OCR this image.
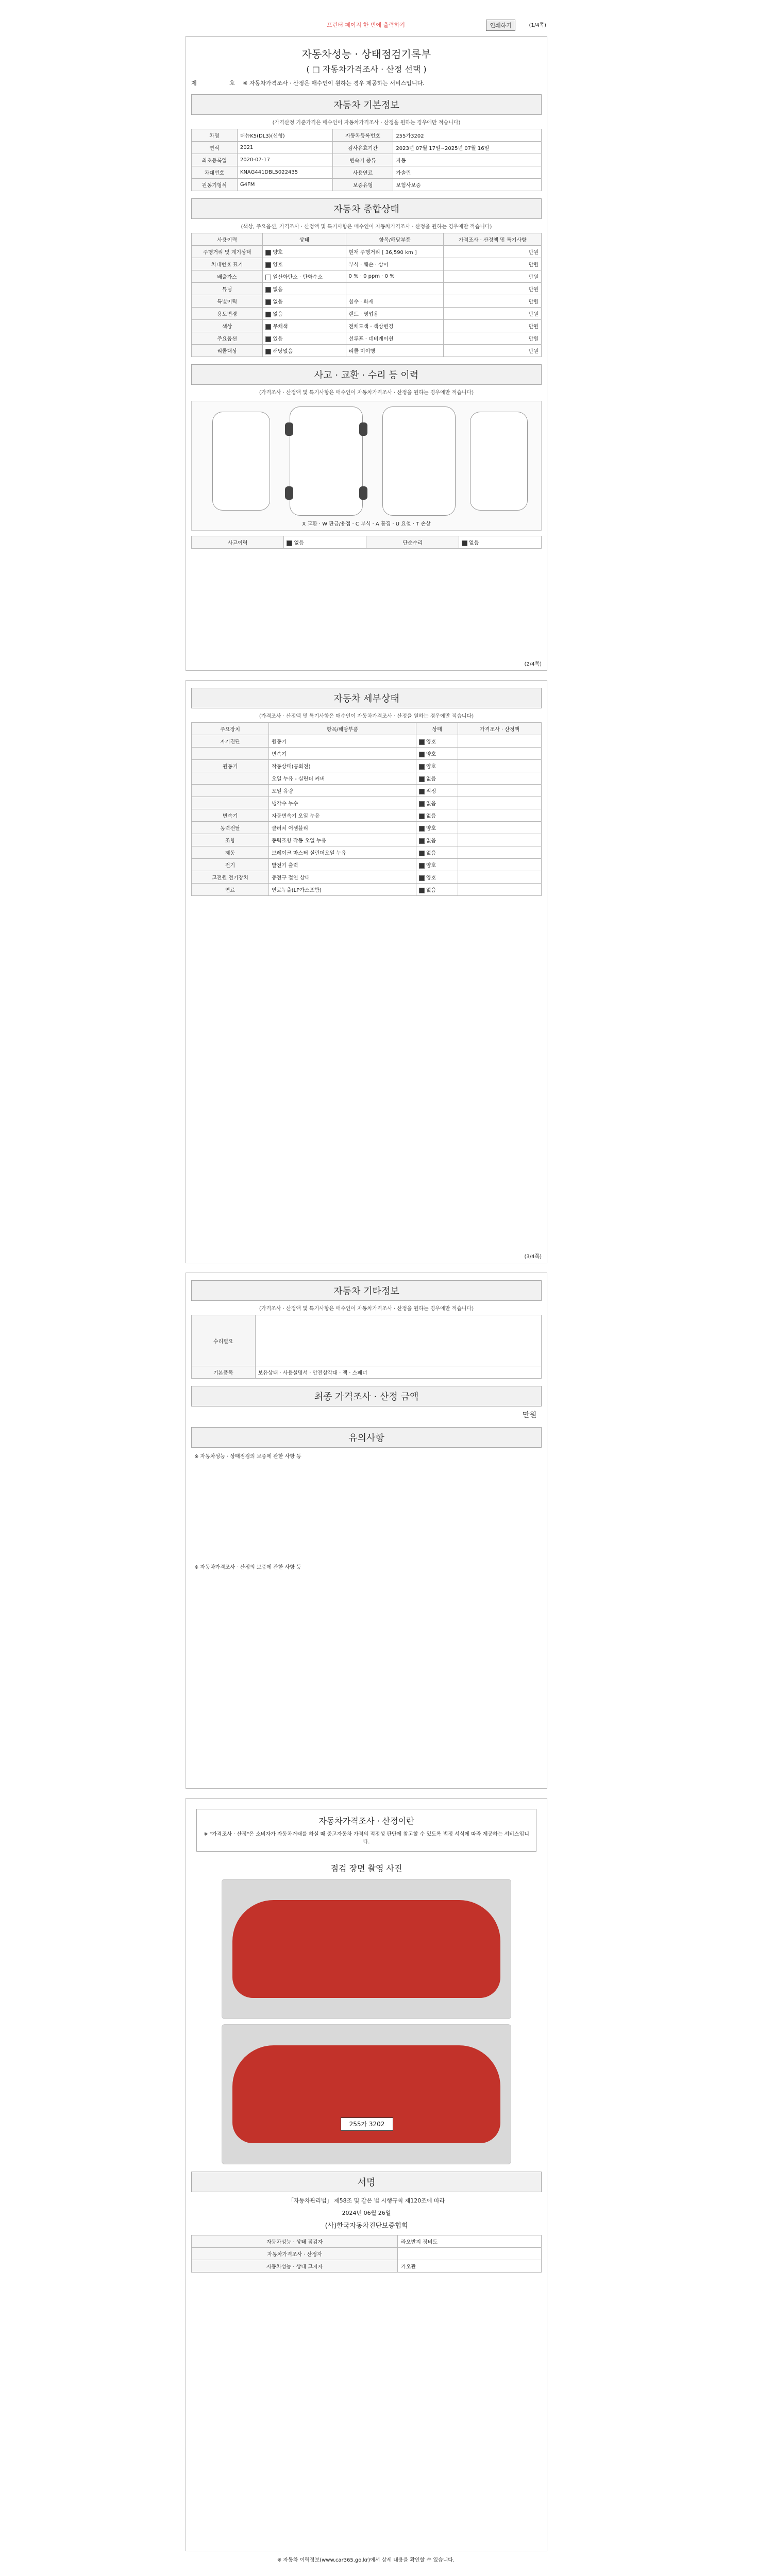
프린터 페이지 한 번에 출력하기	인쇄하기	(1/4쪽)
자동차성능 · 상태점검기록부
( □ 자동차가격조사 · 산정 선택 )
제	호 ※ 자동차가격조사 · 산정은 매수인이 원하는 경우 제공하는 서비스입니다.
자동차 기본정보
(가격산정 기준가격은 매수인이 자동차가격조사 · 산정을 원하는 경우에만 적습니다)
차명	더뉴K5(DL3)(신형)	자동차등록번호	255가3202
연식	2021	검사유효기간	2023년 07월 17일~2025년 07월 16일
최초등록일	2020-07-17	변속기 종류	자동
차대번호	KNAG441DBL5022435	사용연료	가솔린
원동기형식	G4FM	보증유형	보험사보증
자동차 종합상태
(색상, 주요옵션, 가격조사 · 산정액 및 특기사항은 매수인이 자동차가격조사 · 산정을 원하는 경우에만 적습니다)
사용이력	상태	항목/해당부품	가격조사 · 산정액 및 특기사항
주행거리 및 계기상태	양호	현재 주행거리 [ 36,590 km ]	만원
차대번호 표기	양호	부식 · 훼손 · 상이	만원
배출가스	일산화탄소 · 탄화수소	0 % · 0 ppm · 0 %	만원
튜닝	없음		만원
특별이력	없음	침수 · 화재	만원
용도변경	없음	렌트 · 영업용	만원
색상	무채색	전체도색 · 색상변경	만원
주요옵션	있음	선루프 · 네비게이션	만원
리콜대상	해당없음	리콜 미이행	만원
사고 · 교환 · 수리 등 이력
(가격조사 · 산정액 및 특기사항은 매수인이 자동차가격조사 · 산정을 원하는 경우에만 적습니다)
X 교환 · W 판금/용접 · C 부식 · A 흠집 · U 요철 · T 손상
사고이력	없음	단순수리	없음
(2/4쪽)
자동차 세부상태
(가격조사 · 산정액 및 특기사항은 매수인이 자동차가격조사 · 산정을 원하는 경우에만 적습니다)
주요장치	항목/해당부품	상태	가격조사 · 산정액
자기진단	원동기	양호	
	변속기	양호	
원동기	작동상태(공회전)	양호	
	오일 누유 - 실린더 커버	없음	
	오일 유량	적정	
	냉각수 누수	없음	
변속기	자동변속기 오일 누유	없음	
동력전달	클러치 어셈블리	양호	
조향	동력조향 작동 오일 누유	없음	
제동	브레이크 마스터 실린더오일 누유	없음	
전기	발전기 출력	양호	
고전원 전기장치	충전구 절연 상태	양호	
연료	연료누출(LP가스포함)	없음	
(3/4쪽)
자동차 기타정보
(가격조사 · 산정액 및 특기사항은 매수인이 자동차가격조사 · 산정을 원하는 경우에만 적습니다)
수리필요	
기본품목	보유상태 · 사용설명서 · 안전삼각대 · 잭 · 스패너
최종 가격조사 · 산정 금액
만원
유의사항
※ 자동차성능 · 상태점검의 보증에 관한 사항 등
※ 자동차가격조사 · 산정의 보증에 관한 사항 등
자동차가격조사 · 산정이란
※ "가격조사 · 산정"은 소비자가 자동차거래를 하실 때 중고자동차 가격의 적정성 판단에 참고할 수 있도록 법정 서식에 따라 제공하는 서비스입니다.
점검 장면 촬영 사진
255가 3202
서명
「자동차관리법」 제58조 및 같은 법 시행규칙 제120조에 따라
2024년 06월 26일
(사)한국자동차진단보증협회
자동차성능 · 상태 점검자	라오반지 정비도
자동차가격조사 · 산정자	
자동차성능 · 상태 고지자	가오관
※ 자동차 이력정보(www.car365.go.kr)에서 상세 내용을 확인할 수 있습니다.
